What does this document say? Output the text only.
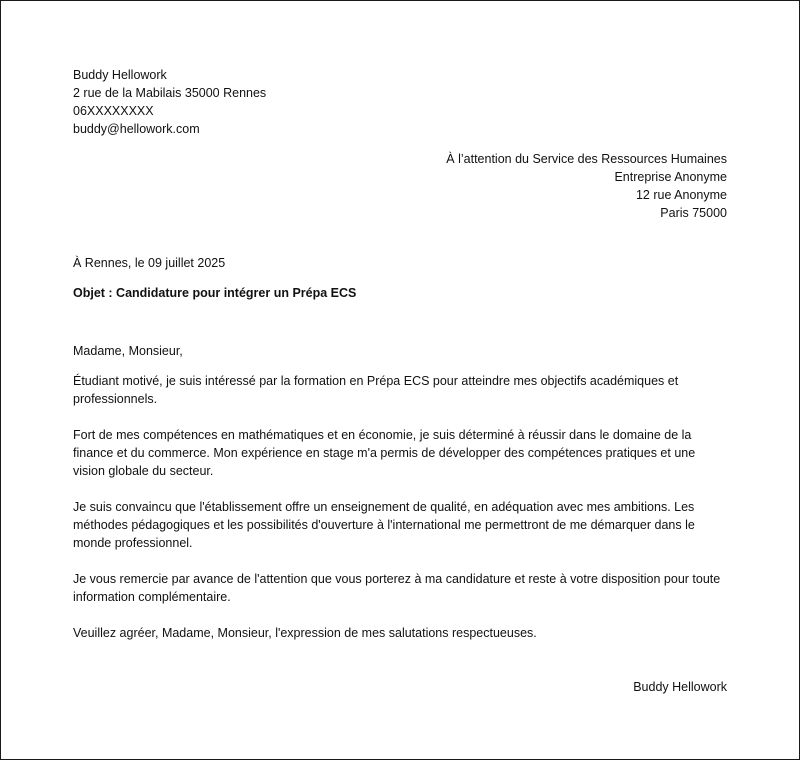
Buddy Hellowork
2 rue de la Mabilais 35000 Rennes
06XXXXXXXX
buddy@hellowork.com
À l’attention du Service des Ressources Humaines
Entreprise Anonyme
12 rue Anonyme
Paris 75000
À Rennes, le 09 juillet 2025
Objet : Candidature pour intégrer un Prépa ECS

Madame, Monsieur,

Étudiant motivé, je suis intéressé par la formation en Prépa ECS pour atteindre mes objectifs académiques et professionnels.

Fort de mes compétences en mathématiques et en économie, je suis déterminé à réussir dans le domaine de la finance et du commerce. Mon expérience en stage m'a permis de développer des compétences pratiques et une vision globale du secteur.

Je suis convaincu que l'établissement offre un enseignement de qualité, en adéquation avec mes ambitions. Les méthodes pédagogiques et les possibilités d'ouverture à l'international me permettront de me démarquer dans le monde professionnel.

Je vous remercie par avance de l'attention que vous porterez à ma candidature et reste à votre disposition pour toute information complémentaire.

Veuillez agréer, Madame, Monsieur, l'expression de mes salutations respectueuses.

Buddy Hellowork
